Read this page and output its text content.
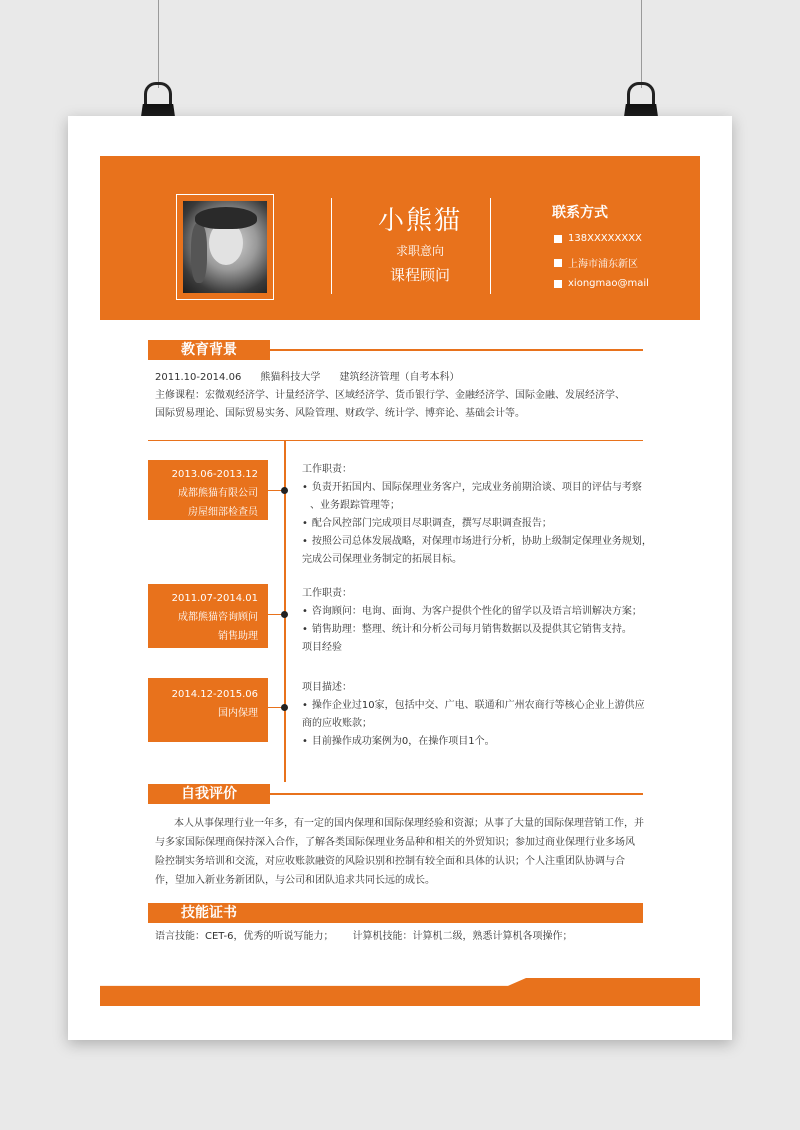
小熊猫
求职意向
课程顾问
联系方式
138XXXXXXXX
上海市浦东新区
xiongmao@mail
教育背景
2011.10-2014.06      熊猫科技大学      建筑经济管理（自考本科）
主修课程：宏微观经济学、计量经济学、区域经济学、货币银行学、金融经济学、国际金融、发展经济学、
国际贸易理论、国际贸易实务、风险管理、财政学、统计学、博弈论、基础会计等。
2013.06-2013.12
成都熊猫有限公司
房屋细部检查员
工作职责：
• 负责开拓国内、国际保理业务客户，完成业务前期洽谈、项目的评估与考察
、业务跟踪管理等；
• 配合风控部门完成项目尽职调查，撰写尽职调查报告；
• 按照公司总体发展战略，对保理市场进行分析，协助上级制定保理业务规划，
完成公司保理业务制定的拓展目标。
2011.07-2014.01
成都熊猫咨询顾问
销售助理
工作职责：
• 咨询顾问：电询、面询、为客户提供个性化的留学以及语言培训解决方案；
• 销售助理：整理、统计和分析公司每月销售数据以及提供其它销售支持。
项目经验
2014.12-2015.06
国内保理
项目描述：
• 操作企业过10家，包括中交、广电、联通和广州农商行等核心企业上游供应
商的应收账款；
• 目前操作成功案例为0，在操作项目1个。
自我评价
本人从事保理行业一年多，有一定的国内保理和国际保理经验和资源；从事了大量的国际保理营销工作，并
与多家国际保理商保持深入合作，了解各类国际保理业务品种和相关的外贸知识；参加过商业保理行业多场风
险控制实务培训和交流，对应收账款融资的风险识别和控制有较全面和具体的认识；个人注重团队协调与合
作，望加入新业务新团队，与公司和团队追求共同长远的成长。
技能证书
语言技能：CET-6，优秀的听说写能力；      计算机技能：计算机二级，熟悉计算机各项操作；
